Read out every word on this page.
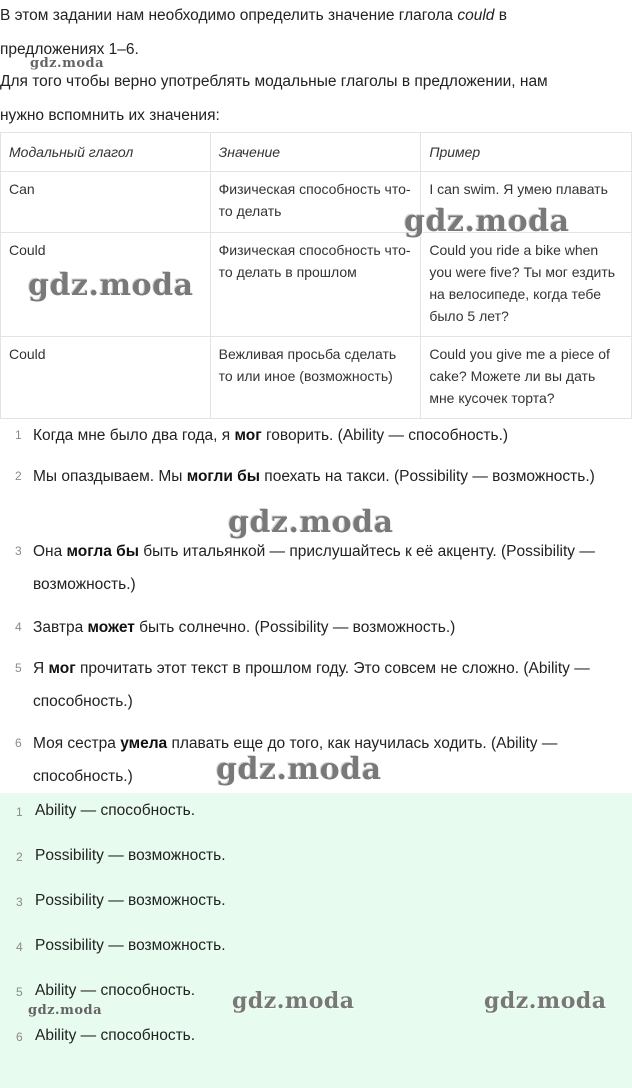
В этом задании нам необходимо определить значение глагола could в
предложениях 1–6.
Для того чтобы верно употреблять модальные глаголы в предложении, нам
нужно вспомнить их значения:
Модальный глагол	Значение	Пример
Can	Физическая способность что-то делать	I can swim. Я умею плавать
Could	Физическая способность что-то делать в прошлом	Could you ride a bike when you were five? Ты мог ездить на велосипеде, когда тебе было 5 лет?
Could	Вежливая просьба сделать то или иное (возможность)	Could you give me a piece of cake? Можете ли вы дать мне кусочек торта?
1 Когда мне было два года, я мог говорить. (Ability — способность.)
2 Мы опаздываем. Мы могли бы поехать на такси. (Possibility — возможность.)
3 Она могла бы быть итальянкой — прислушайтесь к её акценту. (Possibility — возможность.)
4 Завтра может быть солнечно. (Possibility — возможность.)
5 Я мог прочитать этот текст в прошлом году. Это совсем не сложно. (Ability — способность.)
6 Моя сестра умела плавать еще до того, как научилась ходить. (Ability — способность.)
1 Ability — способность.
2 Possibility — возможность.
3 Possibility — возможность.
4 Possibility — возможность.
5 Ability — способность.
6 Ability — способность.
gdz.moda
gdz.moda
gdz.moda
gdz.moda
gdz.moda
gdz.moda	gdz.moda
gdz.moda
